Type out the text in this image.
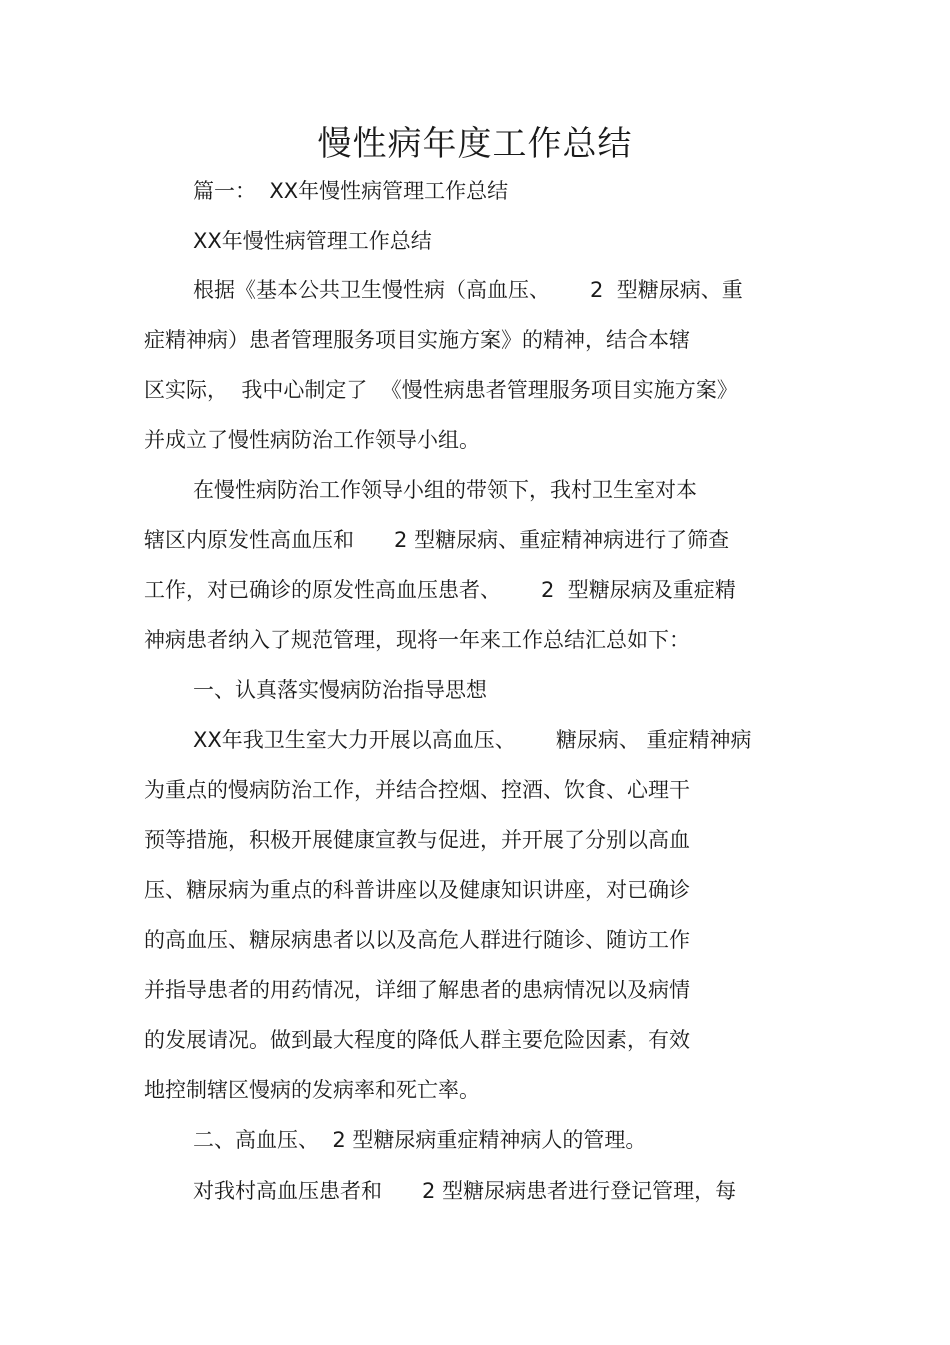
慢性病年度工作总结
篇一：  XX年慢性病管理工作总结
XX年慢性病管理工作总结
根据《基本公共卫生慢性病（高血压、      2  型糖尿病、重
症精神病）患者管理服务项目实施方案》的精神，结合本辖
区实际，  我中心制定了  《慢性病患者管理服务项目实施方案》
并成立了慢性病防治工作领导小组。
在慢性病防治工作领导小组的带领下，我村卫生室对本
辖区内原发性高血压和      2 型糖尿病、重症精神病进行了筛查
工作，对已确诊的原发性高血压患者、      2  型糖尿病及重症精
神病患者纳入了规范管理，现将一年来工作总结汇总如下：
一、认真落实慢病防治指导思想
XX年我卫生室大力开展以高血压、      糖尿病、 重症精神病
为重点的慢病防治工作，并结合控烟、控酒、饮食、心理干
预等措施，积极开展健康宣教与促进，并开展了分别以高血
压、糖尿病为重点的科普讲座以及健康知识讲座，对已确诊
的高血压、糖尿病患者以以及高危人群进行随诊、随访工作
并指导患者的用药情况，详细了解患者的患病情况以及病情
的发展请况。做到最大程度的降低人群主要危险因素，有效
地控制辖区慢病的发病率和死亡率。
二、高血压、  2 型糖尿病重症精神病人的管理。
对我村高血压患者和      2 型糖尿病患者进行登记管理，每
